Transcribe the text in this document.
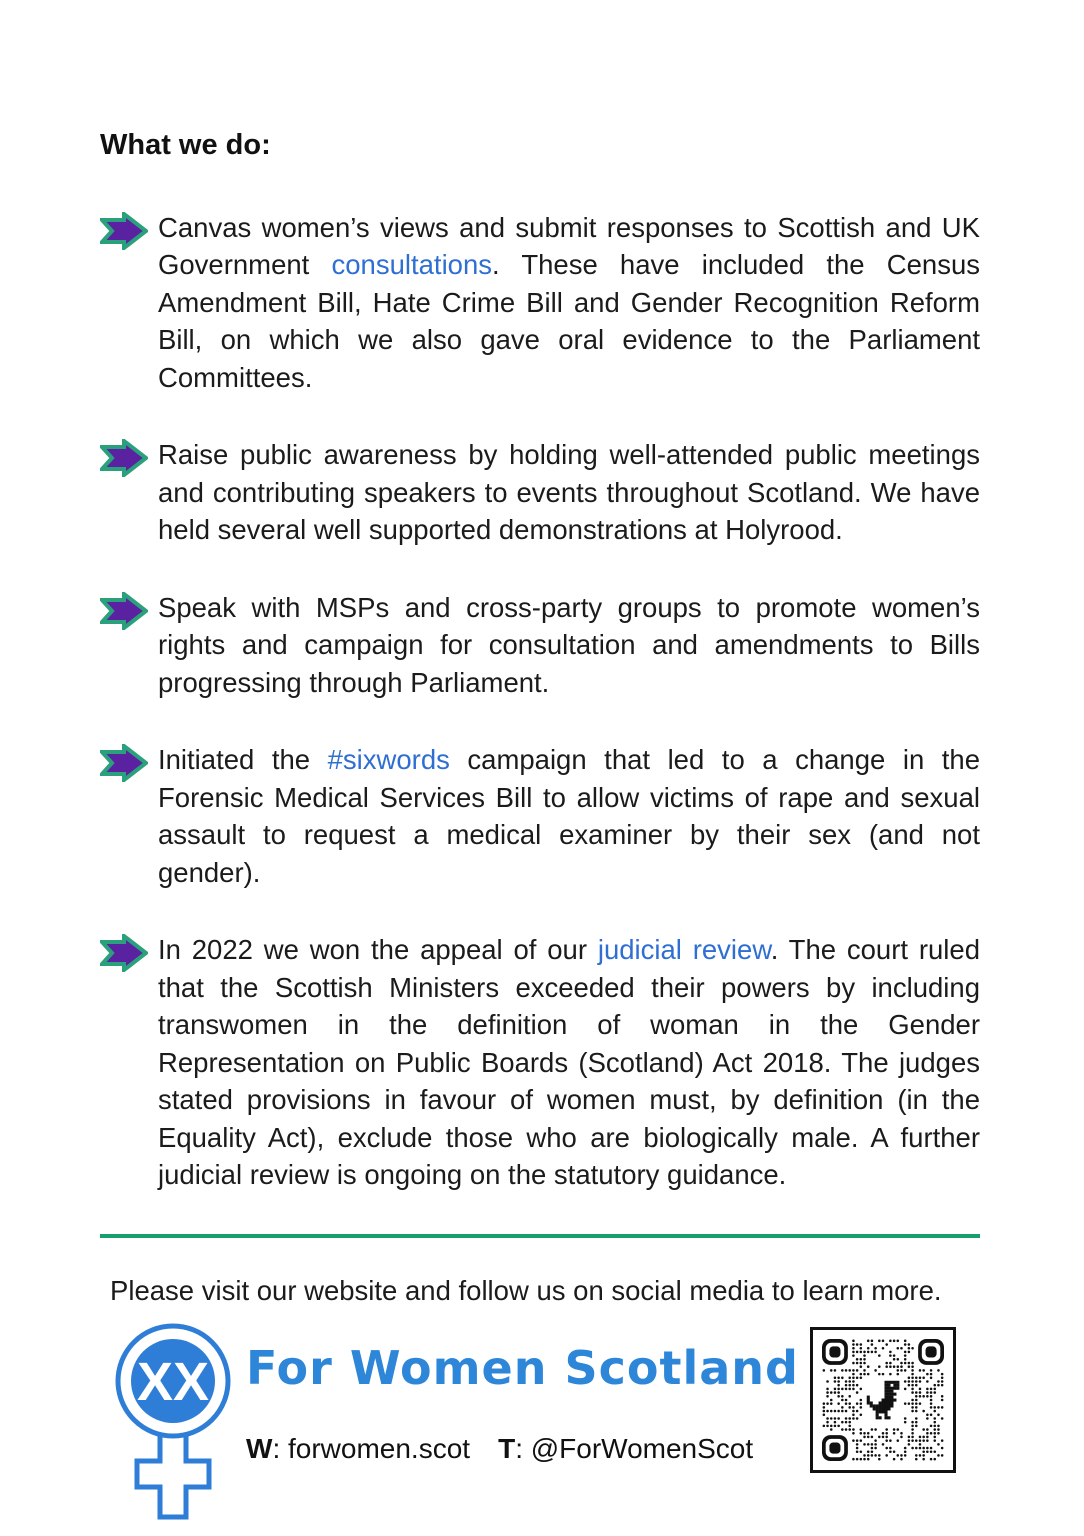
What we do:

Canvas women’s views and submit responses to Scottish and UK Government consultations. These have included the Census Amendment Bill, Hate Crime Bill and Gender Recognition Reform Bill, on which we also gave oral evidence to the Parliament Committees.

Raise public awareness by holding well-attended public meetings and contributing speakers to events throughout Scotland. We have held several well supported demonstrations at Holyrood.

Speak with MSPs and cross-party groups to promote women’s rights and campaign for consultation and amendments to Bills progressing through Parliament.

Initiated the #sixwords campaign that led to a change in the Forensic Medical Services Bill to allow victims of rape and sexual assault to request a medical examiner by their sex (and not gender).

In 2022 we won the appeal of our judicial review. The court ruled that the Scottish Ministers exceeded their powers by including transwomen in the definition of woman in the Gender Representation on Public Boards (Scotland) Act 2018. The judges stated provisions in favour of women must, by definition (in the Equality Act), exclude those who are biologically male. A further judicial review is ongoing on the statutory guidance.

Please visit our website and follow us on social media to learn more.

XX For Women Scotland
W: forwomen.scot T: @ForWomenScot
